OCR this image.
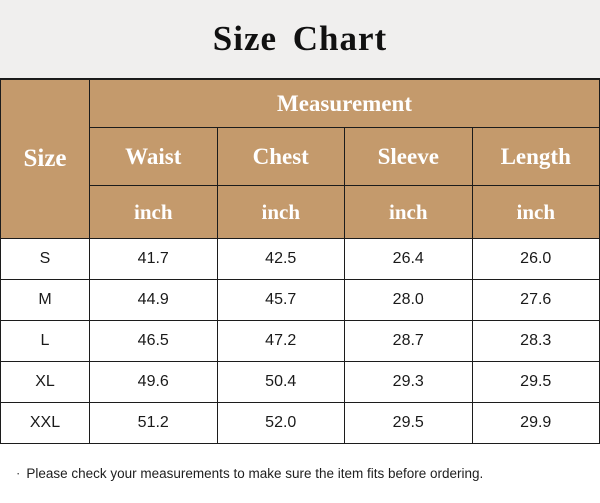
Size Chart
Size	Measurement			
	Waist	Chest	Sleeve	Length
	inch	inch	inch	inch
S	41.7	42.5	26.4	26.0
M	44.9	45.7	28.0	27.6
L	46.5	47.2	28.7	28.3
XL	49.6	50.4	29.3	29.5
XXL	51.2	52.0	29.5	29.9
· Please check your measurements to make sure the item fits before ordering.
